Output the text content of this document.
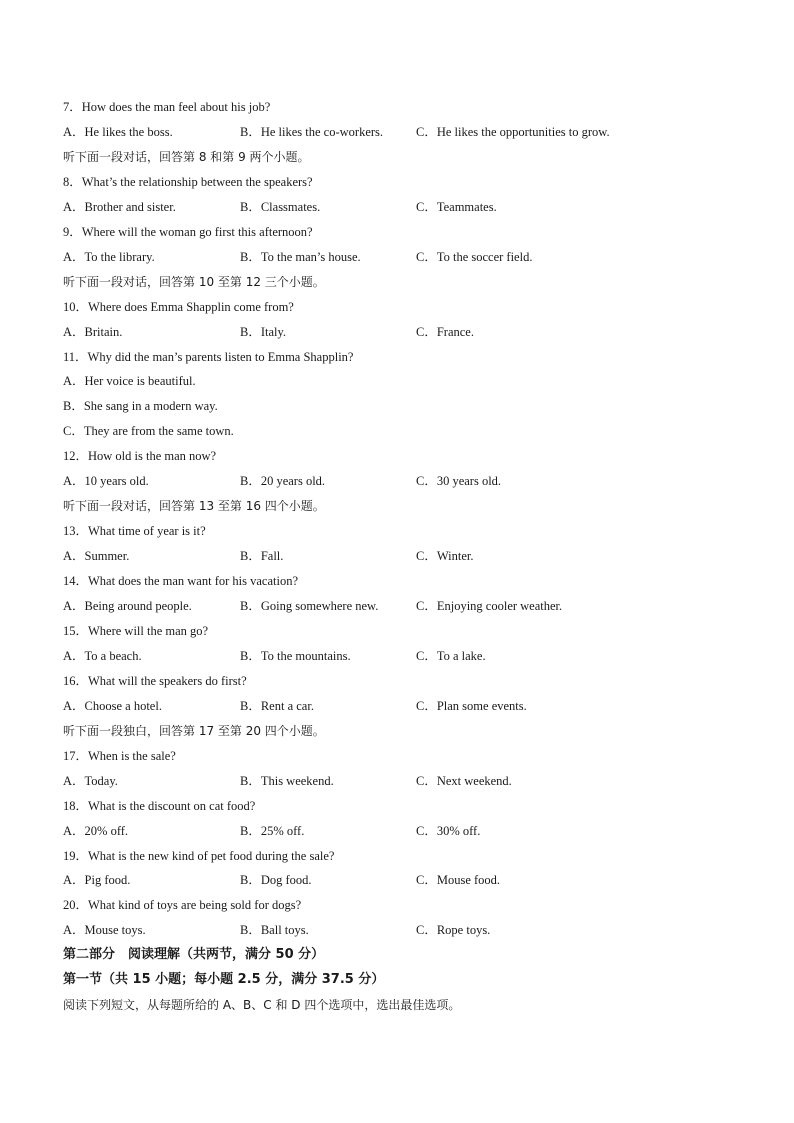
7．How does the man feel about his job?
A．He likes the boss.	B．He likes the co-workers.	C．He likes the opportunities to grow.
听下面一段对话，回答第 8 和第 9 两个小题。
8．What’s the relationship between the speakers?
A．Brother and sister.	B．Classmates.	C．Teammates.
9．Where will the woman go first this afternoon?
A．To the library.	B．To the man’s house.	C．To the soccer field.
听下面一段对话，回答第 10 至第 12 三个小题。
10．Where does Emma Shapplin come from?
A．Britain.	B．Italy.	C．France.
11．Why did the man’s parents listen to Emma Shapplin?
A．Her voice is beautiful.
B．She sang in a modern way.
C．They are from the same town.
12．How old is the man now?
A．10 years old.	B．20 years old.	C．30 years old.
听下面一段对话，回答第 13 至第 16 四个小题。
13．What time of year is it?
A．Summer.	B．Fall.	C．Winter.
14．What does the man want for his vacation?
A．Being around people.	B．Going somewhere new.	C．Enjoying cooler weather.
15．Where will the man go?
A．To a beach.	B．To the mountains.	C．To a lake.
16．What will the speakers do first?
A．Choose a hotel.	B．Rent a car.	C．Plan some events.
听下面一段独白，回答第 17 至第 20 四个小题。
17．When is the sale?
A．Today.	B．This weekend.	C．Next weekend.
18．What is the discount on cat food?
A．20% off.	B．25% off.	C．30% off.
19．What is the new kind of pet food during the sale?
A．Pig food.	B．Dog food.	C．Mouse food.
20．What kind of toys are being sold for dogs?
A．Mouse toys.	B．Ball toys.	C．Rope toys.
第二部分　阅读理解（共两节，满分 50 分）
第一节（共 15 小题；每小题 2.5 分，满分 37.5 分）
阅读下列短文，从每题所给的 A、B、C 和 D 四个选项中，选出最佳选项。
